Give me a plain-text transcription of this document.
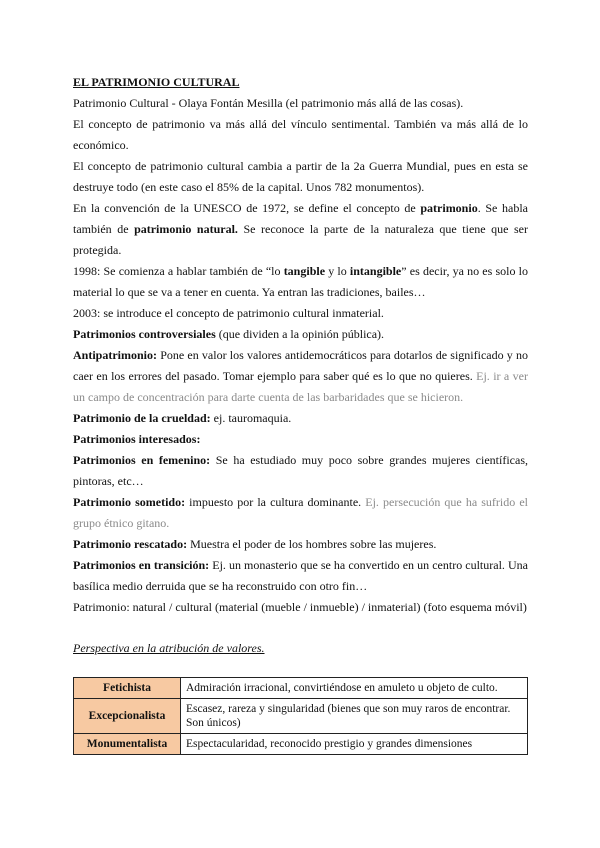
EL PATRIMONIO CULTURAL

Patrimonio Cultural - Olaya Fontán Mesilla (el patrimonio más allá de las cosas).

El concepto de patrimonio va más allá del vínculo sentimental. También va más allá de lo económico.

El concepto de patrimonio cultural cambia a partir de la 2a Guerra Mundial, pues en esta se destruye todo (en este caso el 85% de la capital. Unos 782 monumentos).

En la convención de la UNESCO de 1972, se define el concepto de patrimonio. Se habla también de patrimonio natural. Se reconoce la parte de la naturaleza que tiene que ser protegida.

1998: Se comienza a hablar también de “lo tangible y lo intangible” es decir, ya no es solo lo material lo que se va a tener en cuenta. Ya entran las tradiciones, bailes…

2003: se introduce el concepto de patrimonio cultural inmaterial.

Patrimonios controversiales (que dividen a la opinión pública).

Antipatrimonio: Pone en valor los valores antidemocráticos para dotarlos de significado y no caer en los errores del pasado. Tomar ejemplo para saber qué es lo que no quieres. Ej. ir a ver un campo de concentración para darte cuenta de las barbaridades que se hicieron.

Patrimonio de la crueldad: ej. tauromaquia.

Patrimonios interesados:

Patrimonios en femenino: Se ha estudiado muy poco sobre grandes mujeres científicas, pintoras, etc…

Patrimonio sometido: impuesto por la cultura dominante. Ej. persecución que ha sufrido el grupo étnico gitano.

Patrimonio rescatado: Muestra el poder de los hombres sobre las mujeres.

Patrimonios en transición: Ej. un monasterio que se ha convertido en un centro cultural. Una basílica medio derruida que se ha reconstruido con otro fin…

Patrimonio: natural / cultural (material (mueble / inmueble) / inmaterial) (foto esquema móvil)

Perspectiva en la atribución de valores.

Fetichista	Admiración irracional, convirtiéndose en amuleto u objeto de culto.
Excepcionalista	Escasez, rareza y singularidad (bienes que son muy raros de encontrar. Son únicos)
Monumentalista	Espectacularidad, reconocido prestigio y grandes dimensiones
